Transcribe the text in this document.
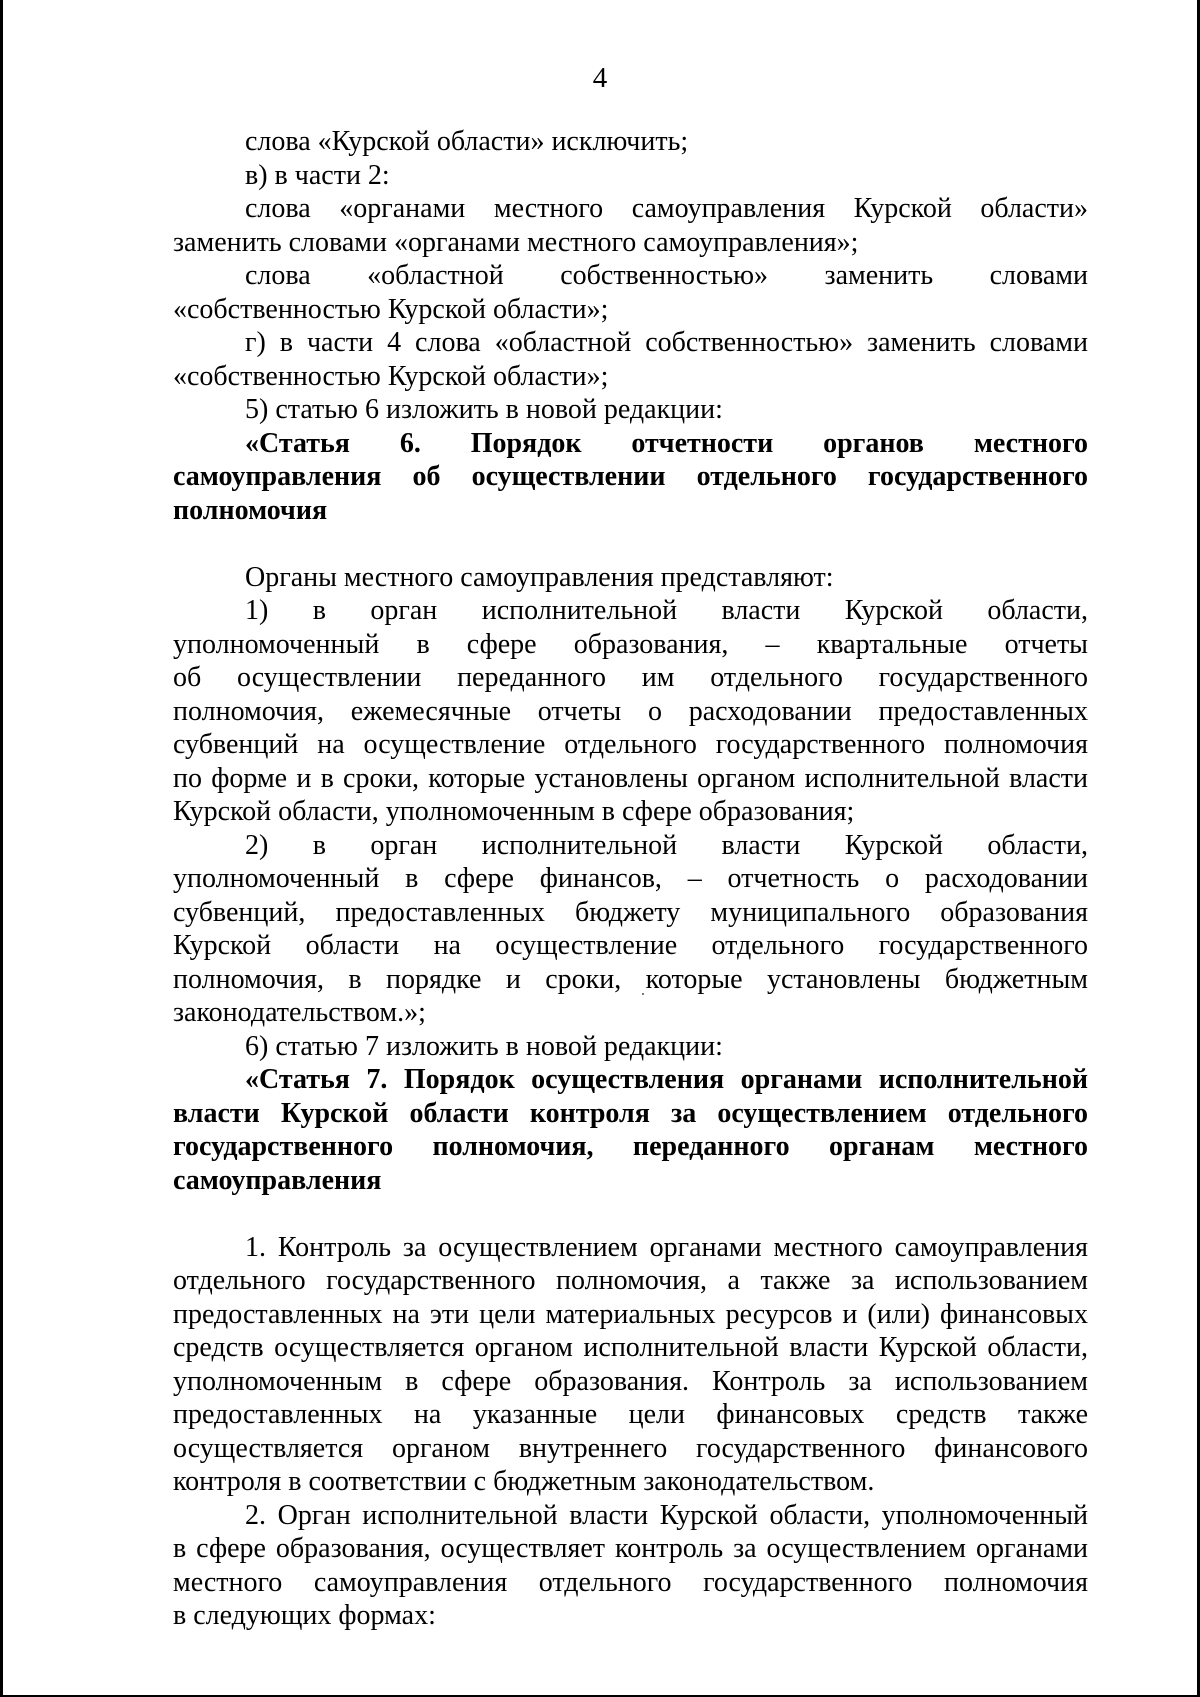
4
слова «Курской области» исключить;
в) в части 2:
слова «органами местного самоуправления Курской области»
заменить словами «органами местного самоуправления»;
слова «областной собственностью» заменить словами
«собственностью Курской области»;
г) в части 4 слова «областной собственностью» заменить словами
«собственностью Курской области»;
5) статью 6 изложить в новой редакции:
«Статья 6. Порядок отчетности органов местного
самоуправления об осуществлении отдельного государственного
полномочия
Органы местного самоуправления представляют:
1) в орган исполнительной власти Курской области,
уполномоченный в сфере образования, – квартальные отчеты
об осуществлении переданного им отдельного государственного
полномочия, ежемесячные отчеты о расходовании предоставленных
субвенций на осуществление отдельного государственного полномочия
по форме и в сроки, которые установлены органом исполнительной власти
Курской области, уполномоченным в сфере образования;
2) в орган исполнительной власти Курской области,
уполномоченный в сфере финансов, – отчетность о расходовании
субвенций, предоставленных бюджету муниципального образования
Курской области на осуществление отдельного государственного
полномочия, в порядке и сроки, которые установлены бюджетным
законодательством.»;
6) статью 7 изложить в новой редакции:
«Статья 7. Порядок осуществления органами исполнительной
власти Курской области контроля за осуществлением отдельного
государственного полномочия, переданного органам местного
самоуправления
1. Контроль за осуществлением органами местного самоуправления
отдельного государственного полномочия, а также за использованием
предоставленных на эти цели материальных ресурсов и (или) финансовых
средств осуществляется органом исполнительной власти Курской области,
уполномоченным в сфере образования. Контроль за использованием
предоставленных на указанные цели финансовых средств также
осуществляется органом внутреннего государственного финансового
контроля в соответствии с бюджетным законодательством.
2. Орган исполнительной власти Курской области, уполномоченный
в сфере образования, осуществляет контроль за осуществлением органами
местного самоуправления отдельного государственного полномочия
в следующих формах:
